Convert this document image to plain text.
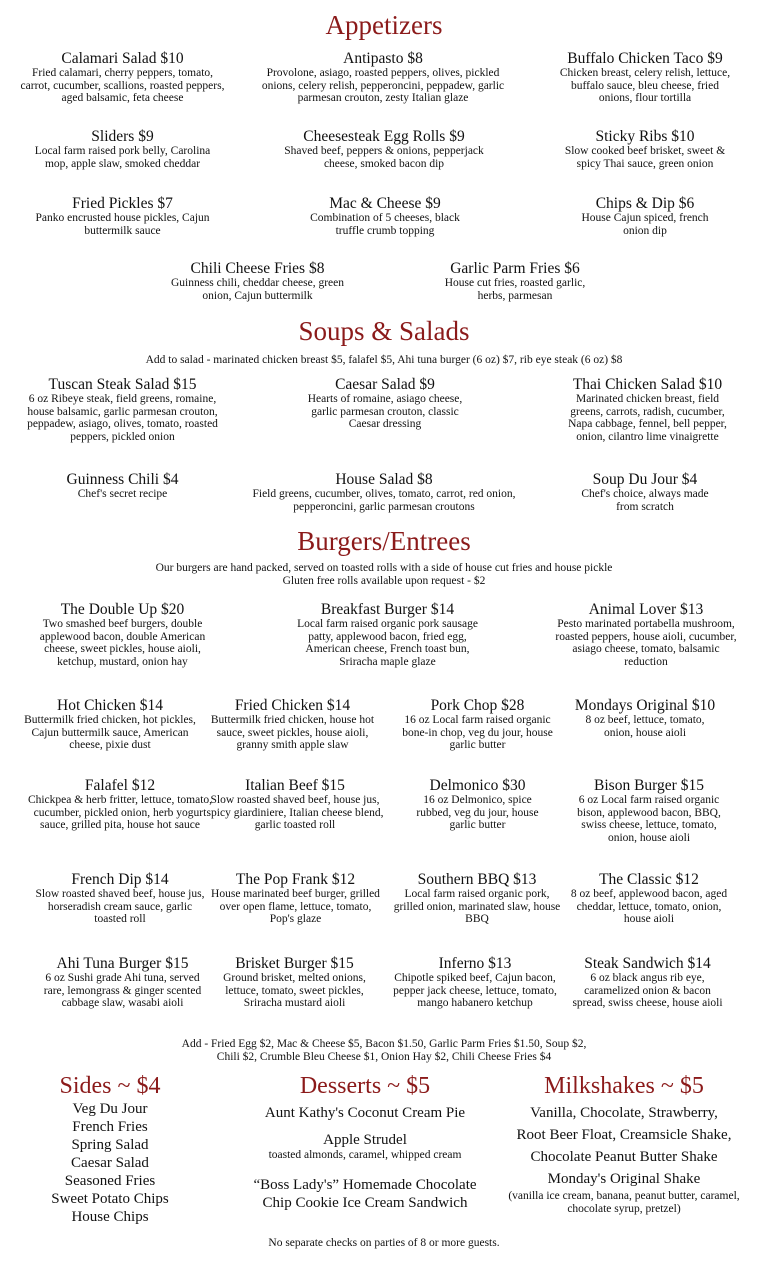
Appetizers
Calamari Salad $10
Fried calamari, cherry peppers, tomato, carrot, cucumber, scallions, roasted peppers, aged balsamic, feta cheese
Antipasto $8
Provolone, asiago, roasted peppers, olives, pickled onions, celery relish, pepperoncini, peppadew, garlic parmesan crouton, zesty Italian glaze
Buffalo Chicken Taco $9
Chicken breast, celery relish, lettuce, buffalo sauce, bleu cheese, fried onions, flour tortilla
Sliders $9
Local farm raised pork belly, Carolina mop, apple slaw, smoked cheddar
Cheesesteak Egg Rolls $9
Shaved beef, peppers & onions, pepperjack cheese, smoked bacon dip
Sticky Ribs $10
Slow cooked beef brisket, sweet & spicy Thai sauce, green onion
Fried Pickles $7
Panko encrusted house pickles, Cajun buttermilk sauce
Mac & Cheese $9
Combination of 5 cheeses, black truffle crumb topping
Chips & Dip $6
House Cajun spiced, french onion dip
Chili Cheese Fries $8
Guinness chili, cheddar cheese, green onion, Cajun buttermilk
Garlic Parm Fries $6
House cut fries, roasted garlic, herbs, parmesan
Soups & Salads
Add to salad - marinated chicken breast $5, falafel $5, Ahi tuna burger (6 oz) $7, rib eye steak (6 oz) $8
Tuscan Steak Salad $15
6 oz Ribeye steak, field greens, romaine, house balsamic, garlic parmesan crouton, peppadew, asiago, olives, tomato, roasted peppers, pickled onion
Caesar Salad $9
Hearts of romaine, asiago cheese, garlic parmesan crouton, classic Caesar dressing
Thai Chicken Salad $10
Marinated chicken breast, field greens, carrots, radish, cucumber, Napa cabbage, fennel, bell pepper, onion, cilantro lime vinaigrette
Guinness Chili $4
Chef's secret recipe
House Salad $8
Field greens, cucumber, olives, tomato, carrot, red onion, pepperoncini, garlic parmesan croutons
Soup Du Jour $4
Chef's choice, always made from scratch
Burgers/Entrees
Our burgers are hand packed, served on toasted rolls with a side of house cut fries and house pickle
Gluten free rolls available upon request - $2
The Double Up $20
Two smashed beef burgers, double applewood bacon, double American cheese, sweet pickles, house aioli, ketchup, mustard, onion hay
Breakfast Burger $14
Local farm raised organic pork sausage patty, applewood bacon, fried egg, American cheese, French toast bun, Sriracha maple glaze
Animal Lover $13
Pesto marinated portabella mushroom, roasted peppers, house aioli, cucumber, asiago cheese, tomato, balsamic reduction
Hot Chicken $14
Buttermilk fried chicken, hot pickles, Cajun buttermilk sauce, American cheese, pixie dust
Fried Chicken $14
Buttermilk fried chicken, house hot sauce, sweet pickles, house aioli, granny smith apple slaw
Pork Chop $28
16 oz Local farm raised organic bone-in chop, veg du jour, house garlic butter
Mondays Original $10
8 oz beef, lettuce, tomato, onion, house aioli
Falafel $12
Chickpea & herb fritter, lettuce, tomato, cucumber, pickled onion, herb yogurt sauce, grilled pita, house hot sauce
Italian Beef $15
Slow roasted shaved beef, house jus, spicy giardiniere, Italian cheese blend, garlic toasted roll
Delmonico $30
16 oz Delmonico, spice rubbed, veg du jour, house garlic butter
Bison Burger $15
6 oz Local farm raised organic bison, applewood bacon, BBQ, swiss cheese, lettuce, tomato, onion, house aioli
French Dip $14
Slow roasted shaved beef, house jus, horseradish cream sauce, garlic toasted roll
The Pop Frank $12
House marinated beef burger, grilled over open flame, lettuce, tomato, Pop's glaze
Southern BBQ $13
Local farm raised organic pork, grilled onion, marinated slaw, house BBQ
The Classic $12
8 oz beef, applewood bacon, aged cheddar, lettuce, tomato, onion, house aioli
Ahi Tuna Burger $15
6 oz Sushi grade Ahi tuna, served rare, lemongrass & ginger scented cabbage slaw, wasabi aioli
Brisket Burger $15
Ground brisket, melted onions, lettuce, tomato, sweet pickles, Sriracha mustard aioli
Inferno $13
Chipotle spiked beef, Cajun bacon, pepper jack cheese, lettuce, tomato, mango habanero ketchup
Steak Sandwich $14
6 oz black angus rib eye, caramelized onion & bacon spread, swiss cheese, house aioli
Add - Fried Egg $2, Mac & Cheese $5, Bacon $1.50, Garlic Parm Fries $1.50, Soup $2,
Chili $2, Crumble Bleu Cheese $1, Onion Hay $2, Chili Cheese Fries $4
Sides ~ $4
Veg Du Jour
French Fries
Spring Salad
Caesar Salad
Seasoned Fries
Sweet Potato Chips
House Chips
Desserts ~ $5
Aunt Kathy's Coconut Cream Pie
Apple Strudel
toasted almonds, caramel, whipped cream
“Boss Lady's” Homemade Chocolate
Chip Cookie Ice Cream Sandwich
Milkshakes ~ $5
Vanilla, Chocolate, Strawberry,
Root Beer Float, Creamsicle Shake,
Chocolate Peanut Butter Shake
Monday's Original Shake
(vanilla ice cream, banana, peanut butter, caramel, chocolate syrup, pretzel)
No separate checks on parties of 8 or more guests.
